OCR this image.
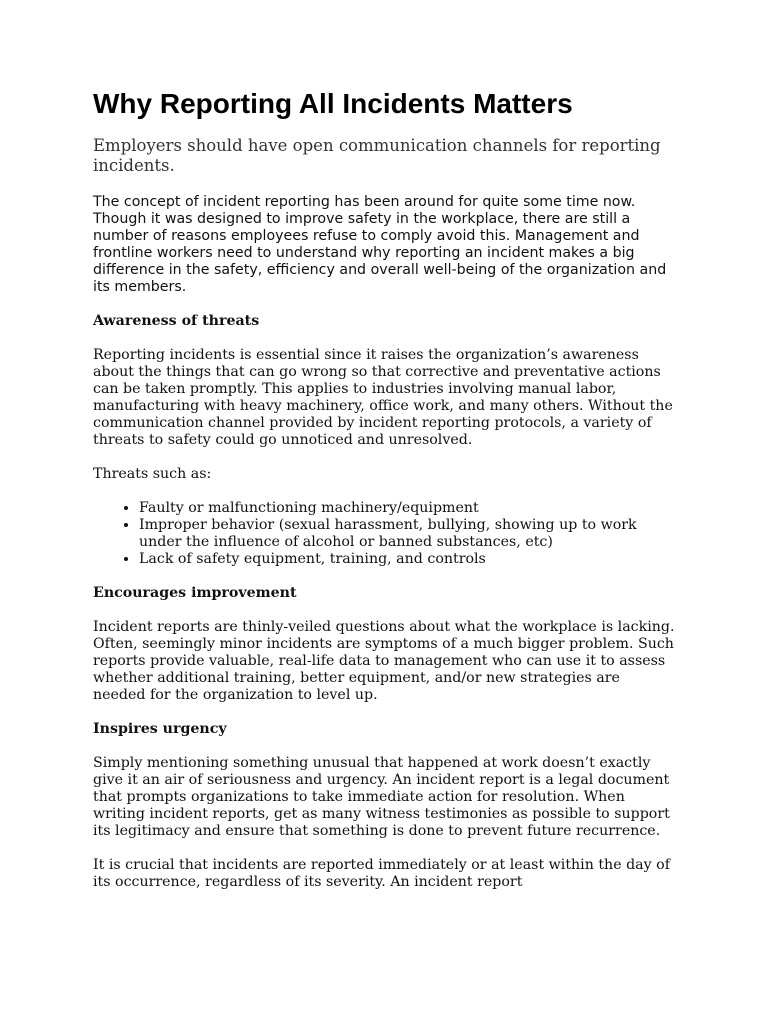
Why Reporting All Incidents Matters

Employers should have open communication channels for reporting incidents.

The concept of incident reporting has been around for quite some time now. Though it was designed to improve safety in the workplace, there are still a number of reasons employees refuse to comply avoid this. Management and frontline workers need to understand why reporting an incident makes a big difference in the safety, efficiency and overall well-being of the organization and its members.

Awareness of threats

Reporting incidents is essential since it raises the organization’s awareness about the things that can go wrong so that corrective and preventative actions can be taken promptly. This applies to industries involving manual labor, manufacturing with heavy machinery, office work, and many others. Without the communication channel provided by incident reporting protocols, a variety of threats to safety could go unnoticed and unresolved.

Threats such as:

• Faulty or malfunctioning machinery/equipment
• Improper behavior (sexual harassment, bullying, showing up to work under the influence of alcohol or banned substances, etc)
• Lack of safety equipment, training, and controls
Encourages improvement

Incident reports are thinly-veiled questions about what the workplace is lacking. Often, seemingly minor incidents are symptoms of a much bigger problem. Such reports provide valuable, real-life data to management who can use it to assess whether additional training, better equipment, and/or new strategies are needed for the organization to level up.

Inspires urgency

Simply mentioning something unusual that happened at work doesn’t exactly give it an air of seriousness and urgency. An incident report is a legal document that prompts organizations to take immediate action for resolution. When writing incident reports, get as many witness testimonies as possible to support its legitimacy and ensure that something is done to prevent future recurrence.

It is crucial that incidents are reported immediately or at least within the day of its occurrence, regardless of its severity. An incident report
